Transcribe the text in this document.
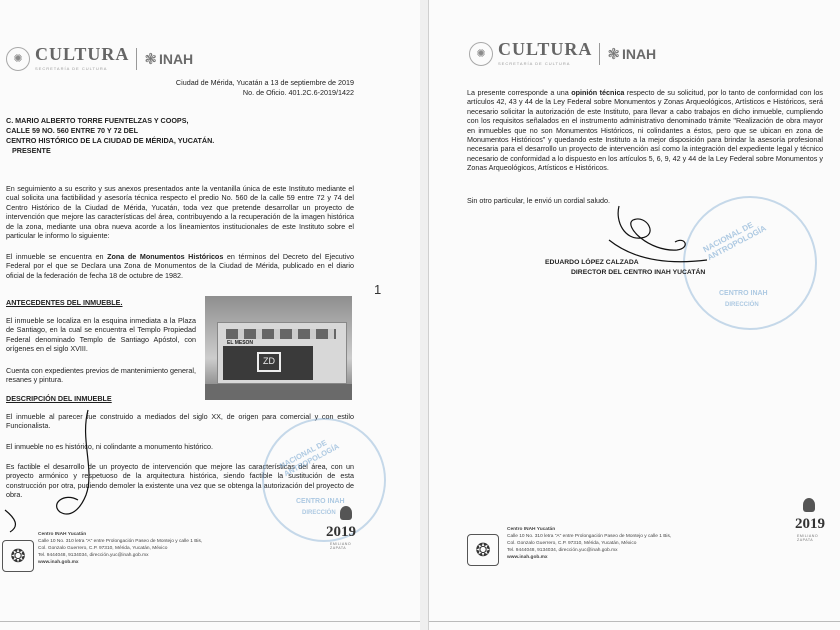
✺ CULTURA
SECRETARÍA DE CULTURA
❃ INAH
Ciudad de Mérida, Yucatán a 13 de septiembre de 2019
No. de Oficio. 401.2C.6-2019/1422
C. MARIO ALBERTO TORRE FUENTELZAS Y COOPS,
CALLE 59 NO. 560 ENTRE 70 Y 72 DEL
CENTRO HISTÓRICO DE LA CIUDAD DE MÉRIDA, YUCATÁN.
PRESENTE
En seguimiento a su escrito y sus anexos presentados ante la ventanilla única de este Instituto mediante el cual solicita una factibilidad y asesoría técnica respecto el predio No. 560 de la calle 59 entre 72 y 74 del Centro Histórico de la Ciudad de Mérida, Yucatán, toda vez que pretende desarrollar un proyecto de intervención que mejore las características del área, contribuyendo a la recuperación de la imagen histórica de la zona, mediante una obra nueva acorde a los lineamientos institucionales de este Instituto sobre el particular le informo lo siguiente:
El inmueble se encuentra en Zona de Monumentos Históricos en términos del Decreto del Ejecutivo Federal por el que se Declara una Zona de Monumentos de la Ciudad de Mérida, publicado en el diario oficial de la federación de fecha 18 de octubre de 1982.
ANTECEDENTES DEL INMUEBLE.
El inmueble se localiza en la esquina inmediata a la Plaza de Santiago, en la cual se encuentra el Templo Propiedad Federal denominado Templo de Santiago Apóstol, con orígenes en el siglo XVIII.
Cuenta con expedientes previos de mantenimiento general, resanes y pintura.
EL MESON
ZD
1
DESCRIPCIÓN DEL INMUEBLE
El inmueble al parecer fue construido a mediados del siglo XX, de origen para comercial y con estilo Funcionalista.
El inmueble no es histórico, ni colindante a monumento histórico.
Es factible el desarrollo de un proyecto de intervención que mejore las características del área, con un proyecto armónico y respetuoso de la arquitectura histórica, siendo factible la sustitución de esta construcción por otra, pudiendo demoler la existente una vez que se obtenga la autorización del proyecto de obra.
NACIONAL DE ANTROPOLOGÍA
CENTRO INAH
DIRECCIÓN
❂
Centro INAH Yucatán
Calle 10 No. 310 letra "A" entre Prolongación Paseo de Montejo y calle 1 Bis,
Col. Gonzalo Guerrero, C.P. 97310, Mérida, Yucatán, México
Tel. 9444048, 9134034, dirección.yuc@inah.gob.mx
www.inah.gob.mx
2019
EMILIANO ZAPATA
✺ CULTURA
SECRETARÍA DE CULTURA
❃ INAH
La presente corresponde a una opinión técnica respecto de su solicitud, por lo tanto de conformidad con los artículos 42, 43 y 44 de la Ley Federal sobre Monumentos y Zonas Arqueológicos, Artísticos e Históricos, será necesario solicitar la autorización de este Instituto, para llevar a cabo trabajos en dicho inmueble, cumpliendo con los requisitos señalados en el instrumento administrativo denominado trámite "Realización de obra mayor en inmuebles que no son Monumentos Históricos, ni colindantes a éstos, pero que se ubican en zona de Monumentos Históricos" y quedando este Instituto a la mejor disposición para brindar la asesoría profesional necesaria para el desarrollo un proyecto de intervención así como la integración del expediente legal y técnico necesario de conformidad a lo dispuesto en los artículos 5, 6, 9, 42 y 44 de la Ley Federal sobre Monumentos y Zonas Arqueológicos, Artísticos e Históricos.
Sin otro particular, le envió un cordial saludo.
NACIONAL DE ANTROPOLOGÍA
CENTRO INAH
DIRECCIÓN
EDUARDO LÓPEZ CALZADA
DIRECTOR DEL CENTRO INAH YUCATÁN
❂
Centro INAH Yucatán
Calle 10 No. 310 letra "A" entre Prolongación Paseo de Montejo y calle 1 Bis,
Col. Gonzalo Guerrero, C.P. 97310, Mérida, Yucatán, México
Tel. 9444048, 9134034, dirección.yuc@inah.gob.mx
www.inah.gob.mx
2019
EMILIANO ZAPATA
